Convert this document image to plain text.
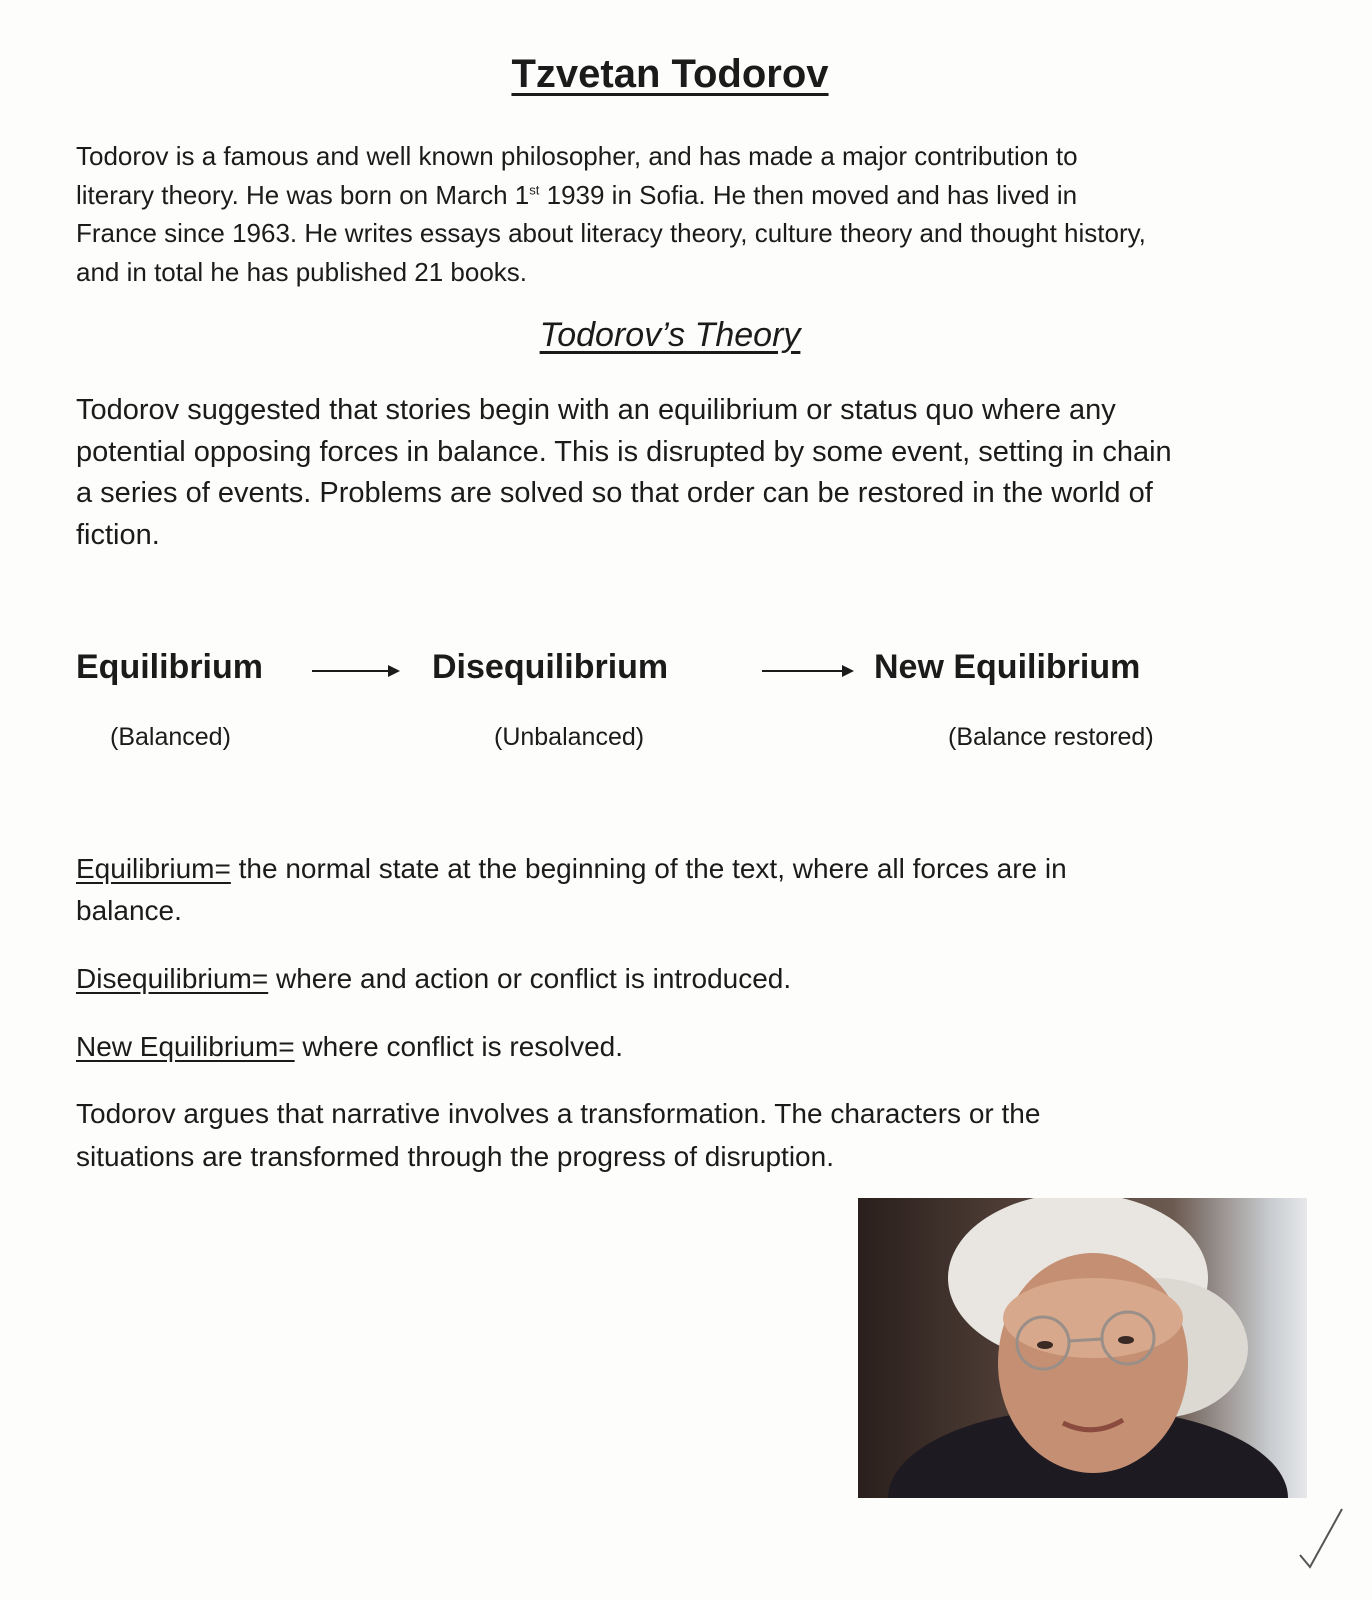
Tzvetan Todorov
Todorov is a famous and well known philosopher, and has made a major contribution to
literary theory. He was born on March 1st 1939 in Sofia. He then moved and has lived in
France since 1963. He writes essays about literacy theory, culture theory and thought history,
and in total he has published 21 books.
Todorov’s Theory
Todorov suggested that stories begin with an equilibrium or status quo where any
potential opposing forces in balance. This is disrupted by some event, setting in chain
a series of events. Problems are solved so that order can be restored in the world of
fiction.
Equilibrium	Disequilibrium	New Equilibrium
(Balanced)	(Unbalanced)	(Balance restored)
Equilibrium= the normal state at the beginning of the text, where all forces are in
balance.
Disequilibrium= where and action or conflict is introduced.
New Equilibrium= where conflict is resolved.
Todorov argues that narrative involves a transformation. The characters or the
situations are transformed through the progress of disruption.
